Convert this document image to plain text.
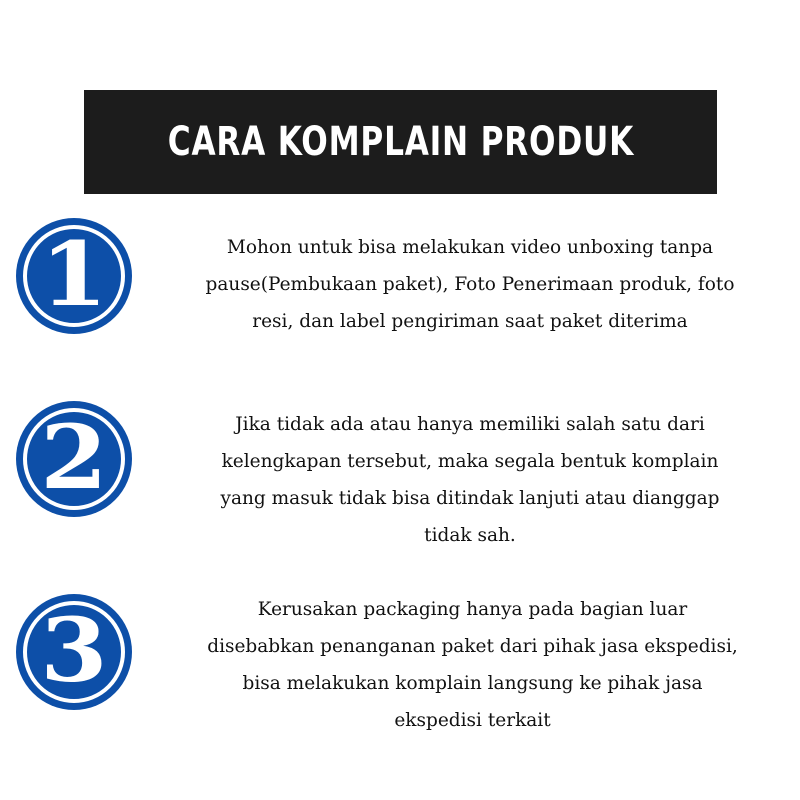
CARA KOMPLAIN PRODUK
1	Mohon untuk bisa melakukan video unboxing tanpa
pause(Pembukaan paket), Foto Penerimaan produk, foto
resi, dan label pengiriman saat paket diterima
2	Jika tidak ada atau hanya memiliki salah satu dari
kelengkapan tersebut, maka segala bentuk komplain
yang masuk tidak bisa ditindak lanjuti atau dianggap
tidak sah.
3	Kerusakan packaging hanya pada bagian luar
disebabkan penanganan paket dari pihak jasa ekspedisi,
bisa melakukan komplain langsung ke pihak jasa
ekspedisi terkait
